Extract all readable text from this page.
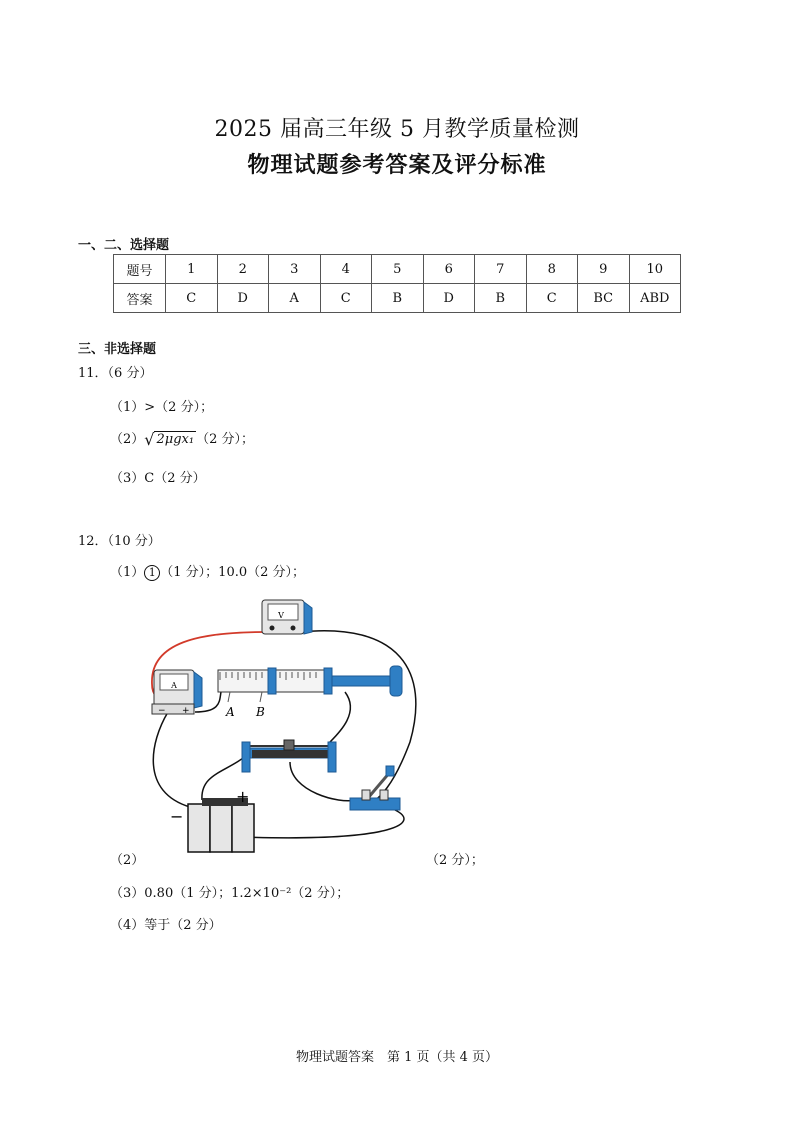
2025 届高三年级 5 月教学质量检测
物理试题参考答案及评分标准
一、二、选择题
题号	1	2	3	4	5	6	7	8	9	10
答案	C	D	A	C	B	D	B	C	BC	ABD
三、非选择题
11．（6 分）
（1）>（2 分）；
（2） √ 2μgx₁ （2 分）；
（3）C（2 分）
12．（10 分）
（1） 1 （1 分）；10.0（2 分）；
V
A
− +	A B
−
+
（2）	（2 分）；
（3）0.80（1 分）；1.2×10⁻²（2 分）；
（4）等于（2 分）
物理试题答案　第 1 页（共 4 页）
